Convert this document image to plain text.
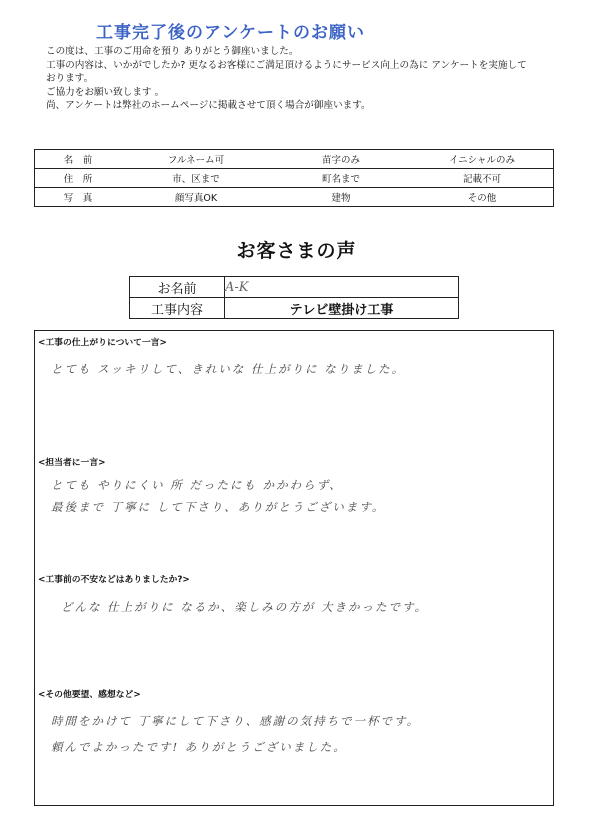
工事完了後のアンケートのお願い
この度は、工事のご用命を預り ありがとう御座いました。
工事の内容は、いかがでしたか? 更なるお客様にご満足頂けるようにサービス向上の為に アンケートを実施して
おります。
ご協力をお願い致します 。
尚、アンケートは弊社のホームページに掲載させて頂く場合が御座います。
名　前	フルネーム可	苗字のみ	イニシャルのみ
住　所	市、区まで	町名まで	記載不可
写　真	顔写真OK	建物	その他
お客さまの声
お名前	A-K
工事内容	テレビ壁掛け工事
<工事の仕上がりについて一言>
とても スッキリして、きれいな 仕上がりに なりました。
<担当者に一言>
とても やりにくい 所 だったにも かかわらず、
最後まで 丁寧に して下さり、ありがとうございます。
<工事前の不安などはありましたか?>
どんな 仕上がりに なるか、楽しみの方が 大きかったです。
<その他要望、感想など>
時間をかけて 丁寧にして下さり、感謝の気持ちで一杯です。
頼んでよかったです! ありがとうございました。
